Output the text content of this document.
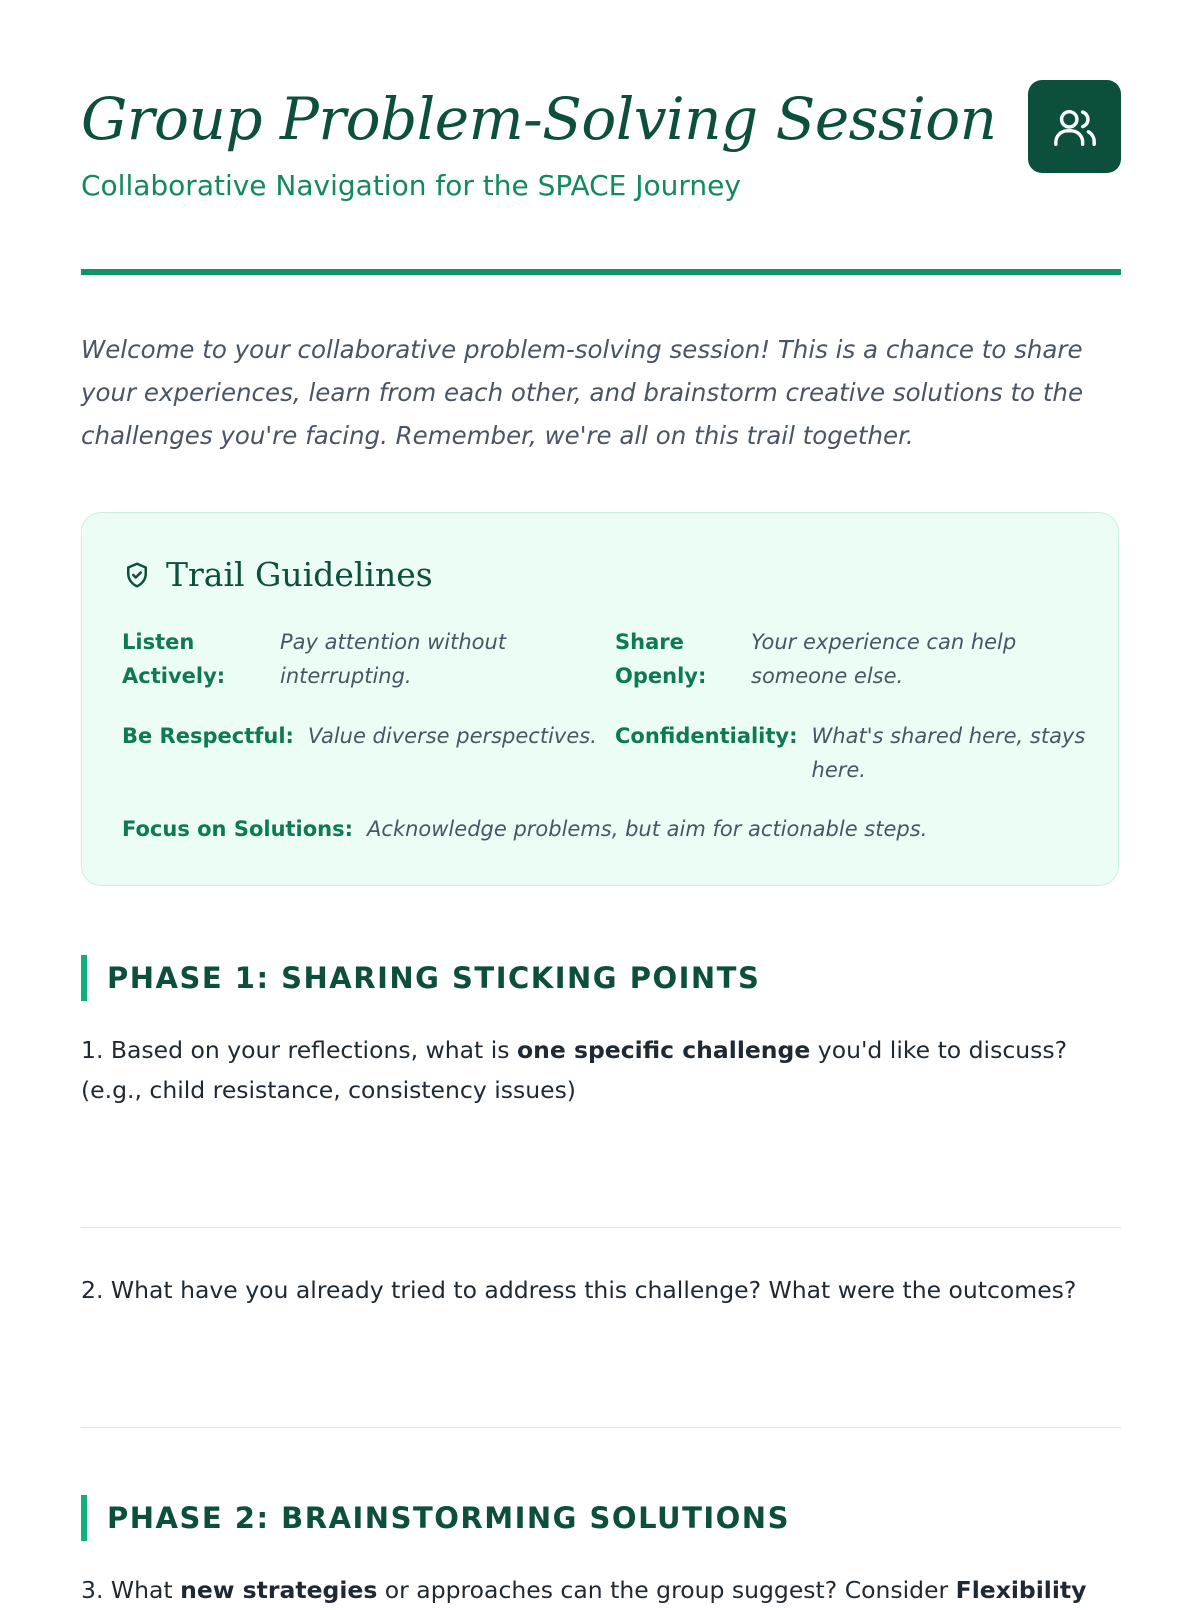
Group Problem-Solving Session
Collaborative Navigation for the SPACE Journey

Welcome to your collaborative problem-solving session! This is a chance to share your experiences, learn from each other, and brainstorm creative solutions to the challenges you're facing. Remember, we're all on this trail together.

Trail Guidelines
Listen
Actively:
Pay attention without
interrupting.
Share
Openly:
Your experience can help
someone else.
Be Respectful: Value diverse perspectives. Confidentiality: What's shared here, stays
here.
Focus on Solutions: Acknowledge problems, but aim for actionable steps.
PHASE 1: SHARING STICKING POINTS
1. Based on your reflections, what is one specific challenge you'd like to discuss? (e.g., child resistance, consistency issues)
2. What have you already tried to address this challenge? What were the outcomes?
PHASE 2: BRAINSTORMING SOLUTIONS
3. What new strategies or approaches can the group suggest? Consider Flexibility
